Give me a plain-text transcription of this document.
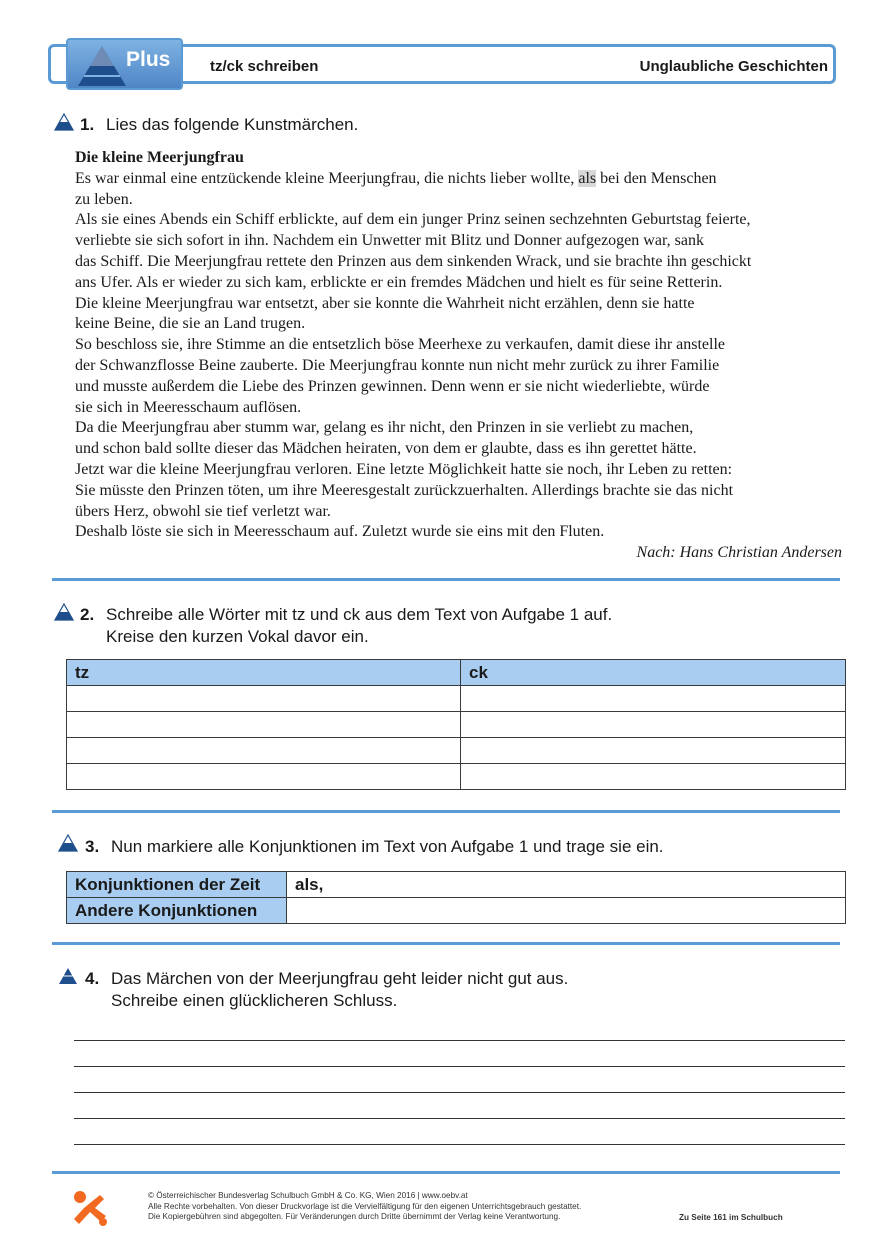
Plus	tz/ck schreiben	Unglaubliche Geschichten
1. Lies das folgende Kunstmärchen.

Die kleine Meerjungfrau

Es war einmal eine entzückende kleine Meerjungfrau, die nichts lieber wollte, als bei den Menschen

zu leben.

Als sie eines Abends ein Schiff erblickte, auf dem ein junger Prinz seinen sechzehnten Geburtstag feierte,

verliebte sie sich sofort in ihn. Nachdem ein Unwetter mit Blitz und Donner aufgezogen war, sank

das Schiff. Die Meerjungfrau rettete den Prinzen aus dem sinkenden Wrack, und sie brachte ihn geschickt

ans Ufer. Als er wieder zu sich kam, erblickte er ein fremdes Mädchen und hielt es für seine Retterin.

Die kleine Meerjungfrau war entsetzt, aber sie konnte die Wahrheit nicht erzählen, denn sie hatte

keine Beine, die sie an Land trugen.

So beschloss sie, ihre Stimme an die entsetzlich böse Meerhexe zu verkaufen, damit diese ihr anstelle

der Schwanzflosse Beine zauberte. Die Meerjungfrau konnte nun nicht mehr zurück zu ihrer Familie

und musste außerdem die Liebe des Prinzen gewinnen. Denn wenn er sie nicht wiederliebte, würde

sie sich in Meeresschaum auflösen.

Da die Meerjungfrau aber stumm war, gelang es ihr nicht, den Prinzen in sie verliebt zu machen,

und schon bald sollte dieser das Mädchen heiraten, von dem er glaubte, dass es ihn gerettet hätte.

Jetzt war die kleine Meerjungfrau verloren. Eine letzte Möglichkeit hatte sie noch, ihr Leben zu retten:

Sie müsste den Prinzen töten, um ihre Meeresgestalt zurückzuerhalten. Allerdings brachte sie das nicht

übers Herz, obwohl sie tief verletzt war.

Deshalb löste sie sich in Meeresschaum auf. Zuletzt wurde sie eins mit den Fluten.

Nach: Hans Christian Andersen

2. Schreibe alle Wörter mit tz und ck aus dem Text von Aufgabe 1 auf.
Kreise den kurzen Vokal davor ein.
tz	ck

3. Nun markiere alle Konjunktionen im Text von Aufgabe 1 und trage sie ein.
Konjunktionen der Zeit	als,
Andere Konjunktionen	
4. Das Märchen von der Meerjungfrau geht leider nicht gut aus.
Schreibe einen glücklicheren Schluss.
© Österreichischer Bundesverlag Schulbuch GmbH & Co. KG, Wien 2016 | www.oebv.at
Alle Rechte vorbehalten. Von dieser Druckvorlage ist die Vervielfältigung für den eigenen Unterrichtsgebrauch gestattet.
Die Kopiergebühren sind abgegolten. Für Veränderungen durch Dritte übernimmt der Verlag keine Verantwortung.	Zu Seite 161 im Schulbuch
